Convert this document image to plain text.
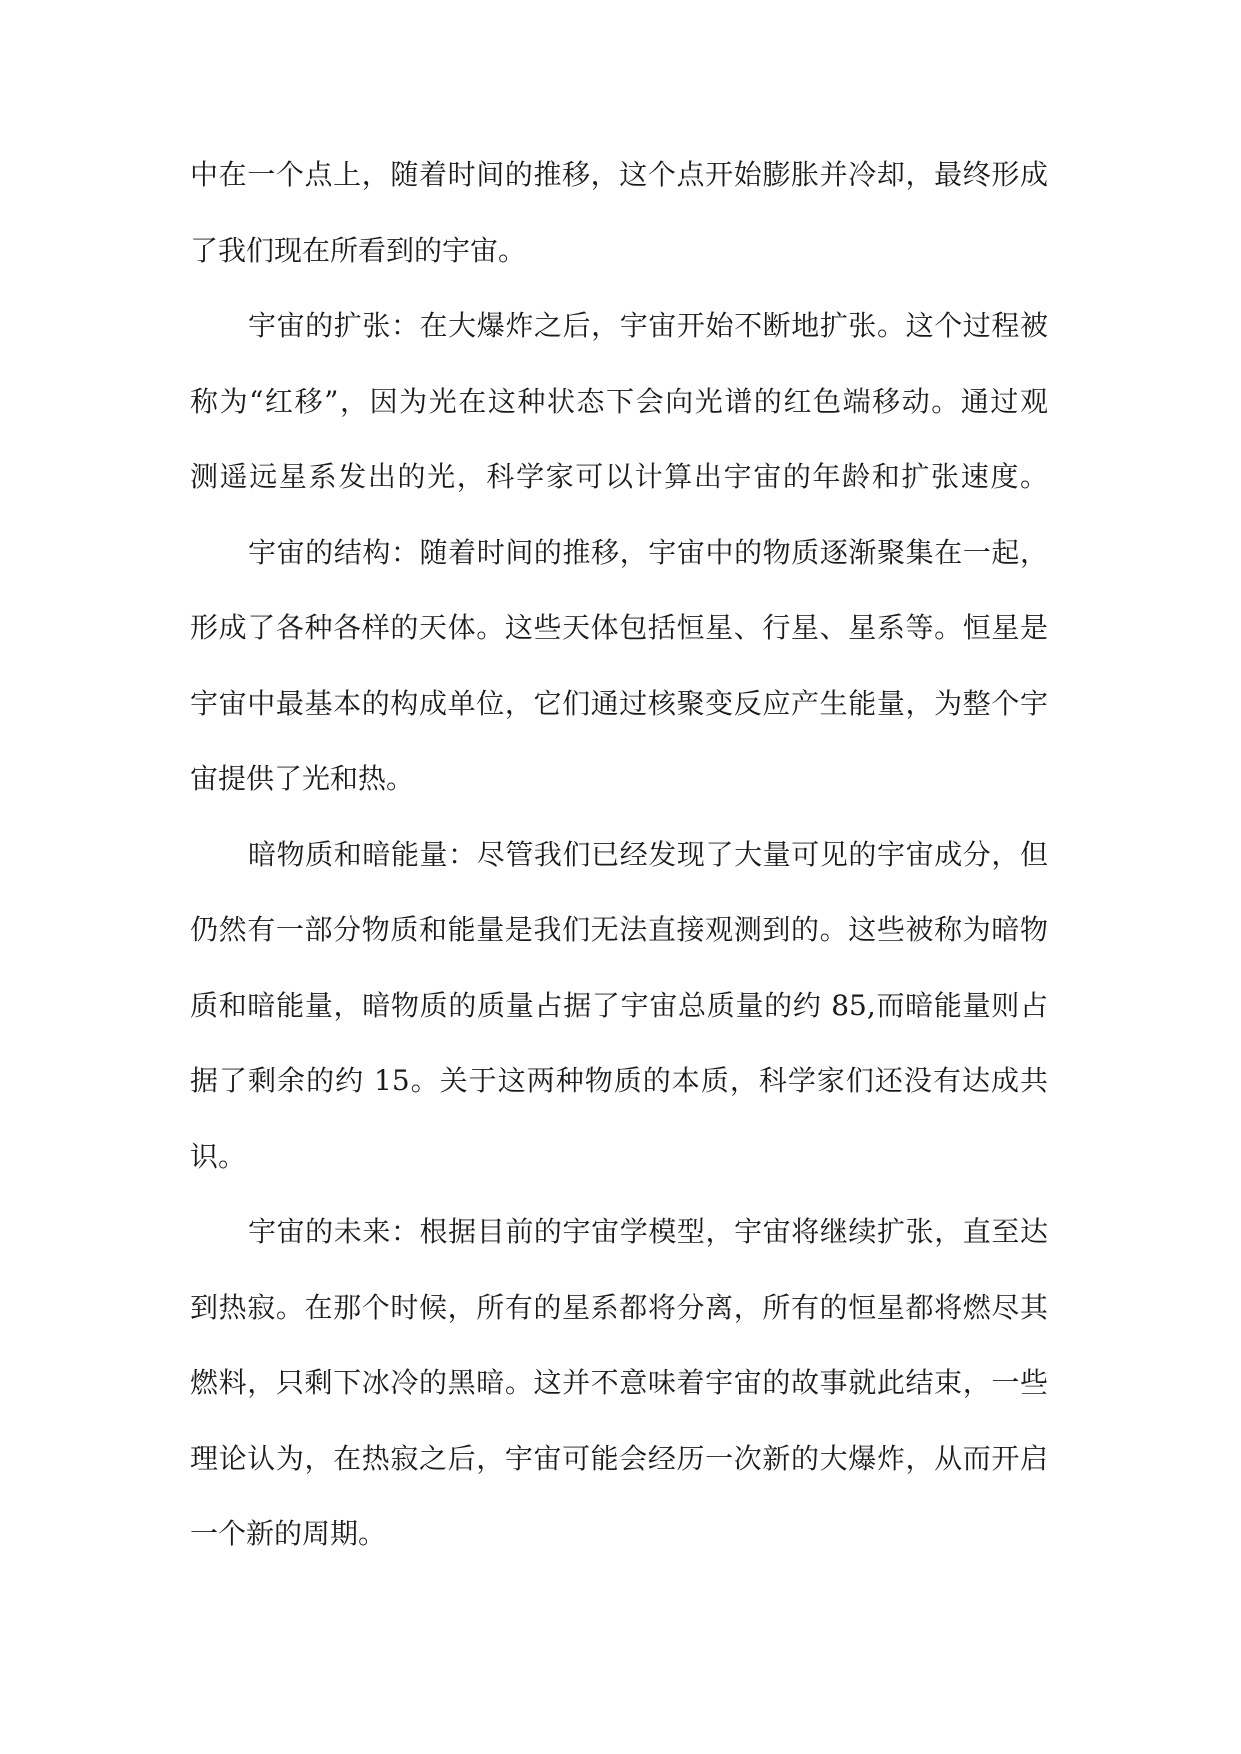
中在一个点上，随着时间的推移，这个点开始膨胀并冷却，最终形成
了我们现在所看到的宇宙。
宇宙的扩张：在大爆炸之后，宇宙开始不断地扩张。这个过程被
称为“红移”，因为光在这种状态下会向光谱的红色端移动。通过观
测遥远星系发出的光，科学家可以计算出宇宙的年龄和扩张速度。
宇宙的结构：随着时间的推移，宇宙中的物质逐渐聚集在一起，
形成了各种各样的天体。这些天体包括恒星、行星、星系等。恒星是
宇宙中最基本的构成单位，它们通过核聚变反应产生能量，为整个宇
宙提供了光和热。
暗物质和暗能量：尽管我们已经发现了大量可见的宇宙成分，但
仍然有一部分物质和能量是我们无法直接观测到的。这些被称为暗物
质和暗能量，暗物质的质量占据了宇宙总质量的约 85,而暗能量则占
据了剩余的约 15。关于这两种物质的本质，科学家们还没有达成共
识。
宇宙的未来：根据目前的宇宙学模型，宇宙将继续扩张，直至达
到热寂。在那个时候，所有的星系都将分离，所有的恒星都将燃尽其
燃料，只剩下冰冷的黑暗。这并不意味着宇宙的故事就此结束，一些
理论认为，在热寂之后，宇宙可能会经历一次新的大爆炸，从而开启
一个新的周期。
